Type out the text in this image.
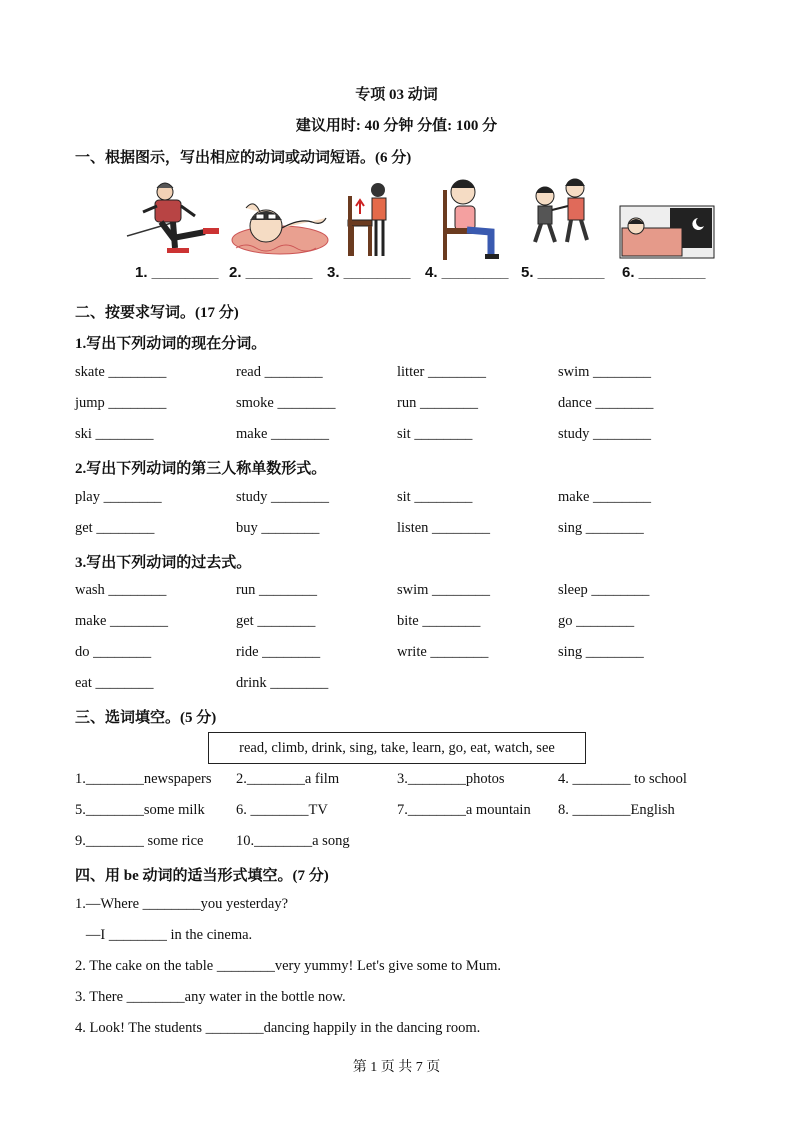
专项 03 动词
建议用时: 40 分钟 分值: 100 分
一、根据图示，写出相应的动词或动词短语。(6 分)
1. ________ 2. ________ 3. ________ 4. ________ 5. ________ 6. ________
二、按要求写词。(17 分)
1.写出下列动词的现在分词。
skate ________	read ________	litter ________	swim ________
jump ________	smoke ________	run ________	dance ________
ski ________	make ________	sit ________	study ________
2.写出下列动词的第三人称单数形式。
play ________	study ________	sit ________	make ________
get ________	buy ________	listen ________	sing ________
3.写出下列动词的过去式。
wash ________	run ________	swim ________	sleep ________
make ________	get ________	bite ________	go ________
do ________	ride ________	write ________	sing ________
eat ________	drink ________
三、选词填空。(5 分)
read, climb, drink, sing, take, learn, go, eat, watch, see
1.________newspapers 2.________a film	3.________photos	4. ________ to school
5.________some milk 6. ________TV	7.________a mountain 8. ________English
9.________ some rice 10.________a song
四、用 be 动词的适当形式填空。(7 分)
1.—Where ________you yesterday?
—I ________ in the cinema.
2. The cake on the table ________very yummy! Let's give some to Mum.
3. There ________any water in the bottle now.
4. Look! The students ________dancing happily in the dancing room.
第 1 页 共 7 页
